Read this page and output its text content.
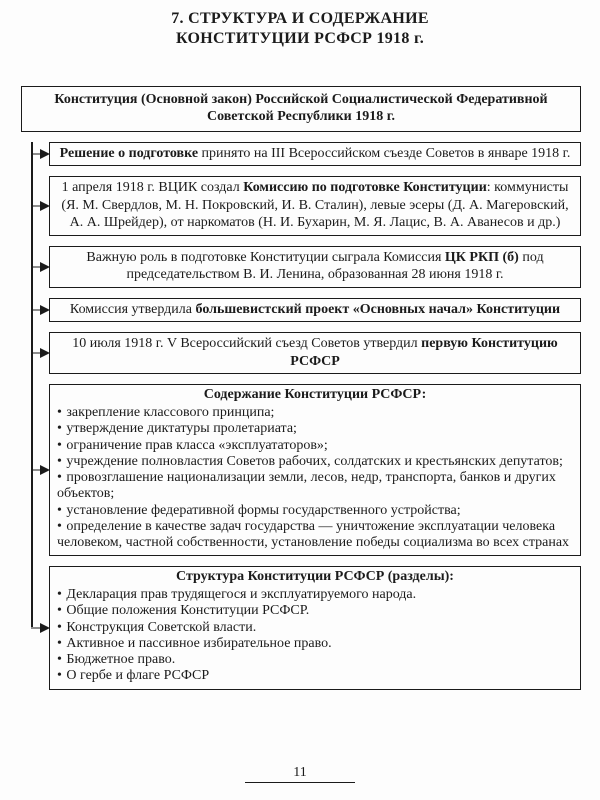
7. СТРУКТУРА И СОДЕРЖАНИЕ
КОНСТИТУЦИИ РСФСР 1918 г.
Конституция (Основной закон) Российской Социалистической Федеративной Советской Республики 1918 г.
Решение о подготовке принято на III Всероссийском съезде Советов в январе 1918 г.
1 апреля 1918 г. ВЦИК создал Комиссию по подготовке Конституции: коммунисты (Я. М. Свердлов, М. Н. Покровский, И. В. Сталин), левые эсеры (Д. А. Магеровский, А. А. Шрейдер), от наркоматов (Н. И. Бухарин, М. Я. Лацис, В. А. Аванесов и др.)
Важную роль в подготовке Конституции сыграла Комиссия ЦК РКП (б) под председательством В. И. Ленина, образованная 28 июня 1918 г.
Комиссия утвердила большевистский проект «Основных начал» Конституции
10 июля 1918 г. V Всероссийский съезд Советов утвердил первую Конституцию РСФСР
Содержание Конституции РСФСР:
• закрепление классового принципа;
• утверждение диктатуры пролетариата;
• ограничение прав класса «эксплуататоров»;
• учреждение полновластия Советов рабочих, солдатских и крестьянских депутатов;
• провозглашение национализации земли, лесов, недр, транспорта, банков и других объектов;
• установление федеративной формы государственного устройства;
• определение в качестве задач государства — уничтожение эксплуатации человека человеком, частной собственности, установление победы социализма во всех странах
Структура Конституции РСФСР (разделы):
• Декларация прав трудящегося и эксплуатируемого народа.
• Общие положения Конституции РСФСР.
• Конструкция Советской власти.
• Активное и пассивное избирательное право.
• Бюджетное право.
• О гербе и флаге РСФСР
11
